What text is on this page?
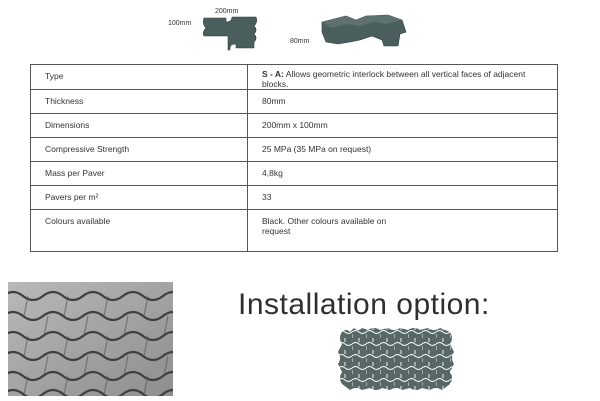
200mm
100mm
80mm
Type	S - A: Allows geometric interlock between all vertical faces of adjacent blocks.

Thickness	80mm

Dimensions	200mm x 100mm

Compressive Strength	25 MPa (35 MPa on request)

Mass per Paver	4,8kg

Pavers per m²	33

Colours available	Black. Other colours available on request
Installation option:
